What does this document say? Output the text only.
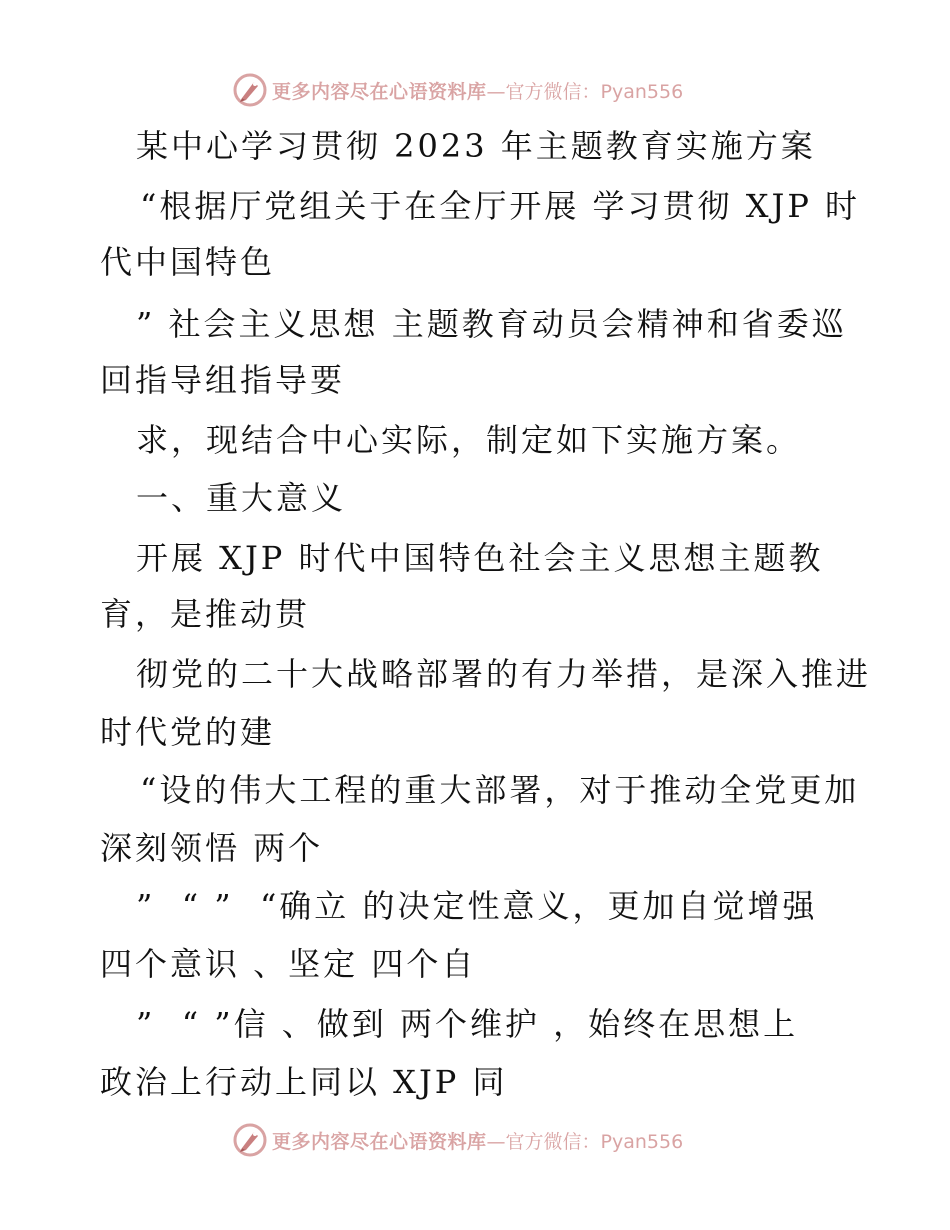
更多内容尽在心语资料库 —官方微信：Pyan556
某中心学习贯彻 2023 年主题教育实施方案
“根据厅党组关于在全厅开展 学习贯彻 XJP 时
代中国特色
” 社会主义思想 主题教育动员会精神和省委巡
回指导组指导要
求，现结合中心实际，制定如下实施方案。
一、重大意义
开展 XJP 时代中国特色社会主义思想主题教
育，是推动贯
彻党的二十大战略部署的有力举措，是深入推进
时代党的建
“设的伟大工程的重大部署，对于推动全党更加
深刻领悟 两个
”  “ ”  “确立 的决定性意义，更加自觉增强
四个意识 、坚定 四个自
”  “ ”信 、做到 两个维护 ，始终在思想上
政治上行动上同以 XJP 同
更多内容尽在心语资料库 —官方微信：Pyan556
